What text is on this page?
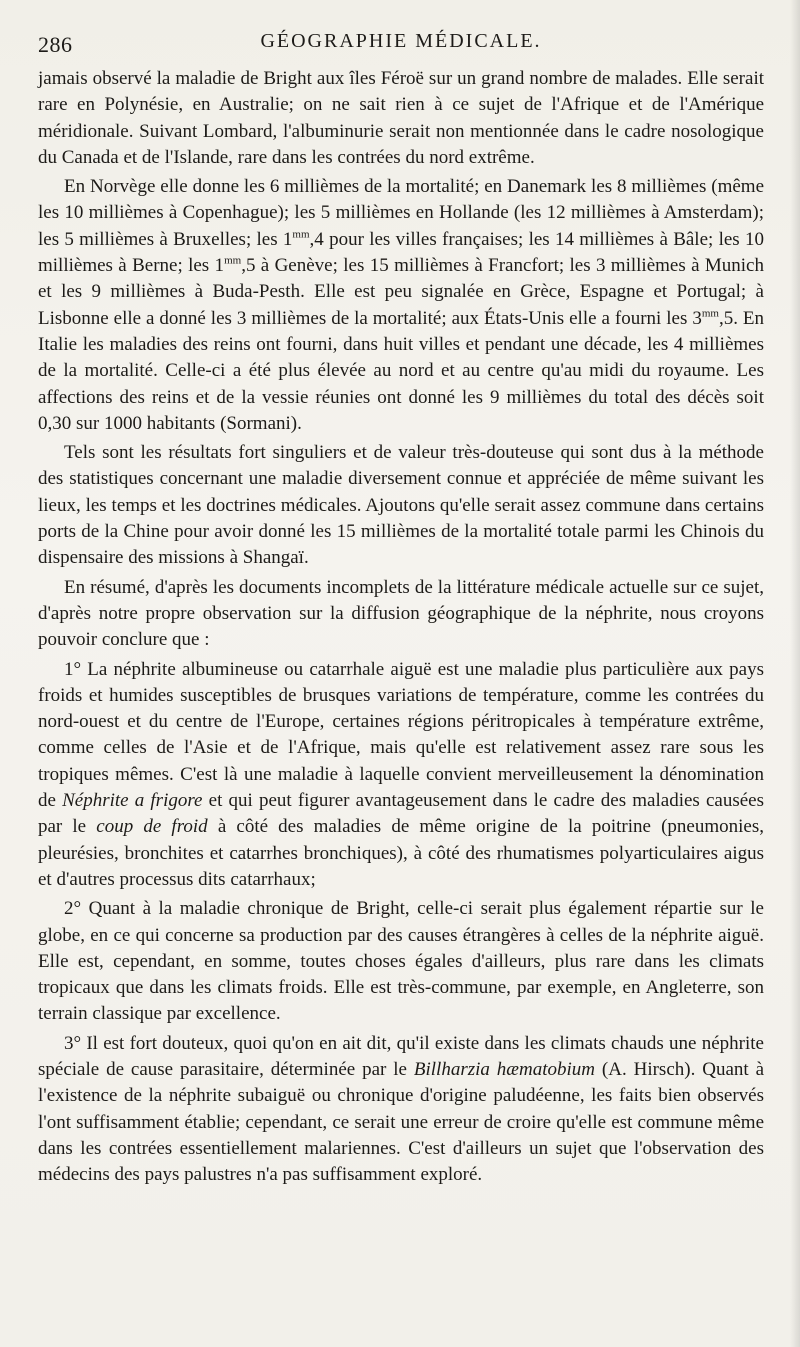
286	GÉOGRAPHIE MÉDICALE.

jamais observé la maladie de Bright aux îles Féroë sur un grand nombre de malades. Elle serait rare en Polynésie, en Australie; on ne sait rien à ce sujet de l'Afrique et de l'Amérique méridionale. Suivant Lombard, l'albuminurie serait non mentionnée dans le cadre nosologique du Canada et de l'Islande, rare dans les contrées du nord extrême.

En Norvège elle donne les 6 millièmes de la mortalité; en Danemark les 8 millièmes (même les 10 millièmes à Copenhague); les 5 millièmes en Hollande (les 12 millièmes à Amsterdam); les 5 millièmes à Bruxelles; les $1^{mm},4$ pour les villes françaises; les 14 millièmes à Bâle; les 10 millièmes à Berne; les $1^{mm},5$ à Genève; les 15 millièmes à Francfort; les 3 millièmes à Munich et les 9 millièmes à Buda-Pesth. Elle est peu signalée en Grèce, Espagne et Portugal; à Lisbonne elle a donné les 3 millièmes de la mortalité; aux États-Unis elle a fourni les $3^{mm},5$. En Italie les maladies des reins ont fourni, dans huit villes et pendant une décade, les 4 millièmes de la mortalité. Celle-ci a été plus élevée au nord et au centre qu'au midi du royaume. Les affections des reins et de la vessie réunies ont donné les 9 millièmes du total des décès soit 0,30 sur 1000 habitants (Sormani).

Tels sont les résultats fort singuliers et de valeur très-douteuse qui sont dus à la méthode des statistiques concernant une maladie diversement connue et appréciée de même suivant les lieux, les temps et les doctrines médicales. Ajoutons qu'elle serait assez commune dans certains ports de la Chine pour avoir donné les 15 millièmes de la mortalité totale parmi les Chinois du dispensaire des missions à Shangaï.

En résumé, d'après les documents incomplets de la littérature médicale actuelle sur ce sujet, d'après notre propre observation sur la diffusion géographique de la néphrite, nous croyons pouvoir conclure que :

1° La néphrite albumineuse ou catarrhale aiguë est une maladie plus particulière aux pays froids et humides susceptibles de brusques variations de température, comme les contrées du nord-ouest et du centre de l'Europe, certaines régions péritropicales à température extrême, comme celles de l'Asie et de l'Afrique, mais qu'elle est relativement assez rare sous les tropiques mêmes. C'est là une maladie à laquelle convient merveilleusement la dénomination de Néphrite a frigore et qui peut figurer avantageusement dans le cadre des maladies causées par le coup de froid à côté des maladies de même origine de la poitrine (pneumonies, pleurésies, bronchites et catarrhes bronchiques), à côté des rhumatismes polyarticulaires aigus et d'autres processus dits catarrhaux;

2° Quant à la maladie chronique de Bright, celle-ci serait plus également répartie sur le globe, en ce qui concerne sa production par des causes étrangères à celles de la néphrite aiguë. Elle est, cependant, en somme, toutes choses égales d'ailleurs, plus rare dans les climats tropicaux que dans les climats froids. Elle est très-commune, par exemple, en Angleterre, son terrain classique par excellence.

3° Il est fort douteux, quoi qu'on en ait dit, qu'il existe dans les climats chauds une néphrite spéciale de cause parasitaire, déterminée par le Billharzia hæmatobium (A. Hirsch). Quant à l'existence de la néphrite subaiguë ou chronique d'origine paludéenne, les faits bien observés l'ont suffisamment établie; cependant, ce serait une erreur de croire qu'elle est commune même dans les contrées essentiellement malariennes. C'est d'ailleurs un sujet que l'observation des médecins des pays palustres n'a pas suffisamment exploré.
